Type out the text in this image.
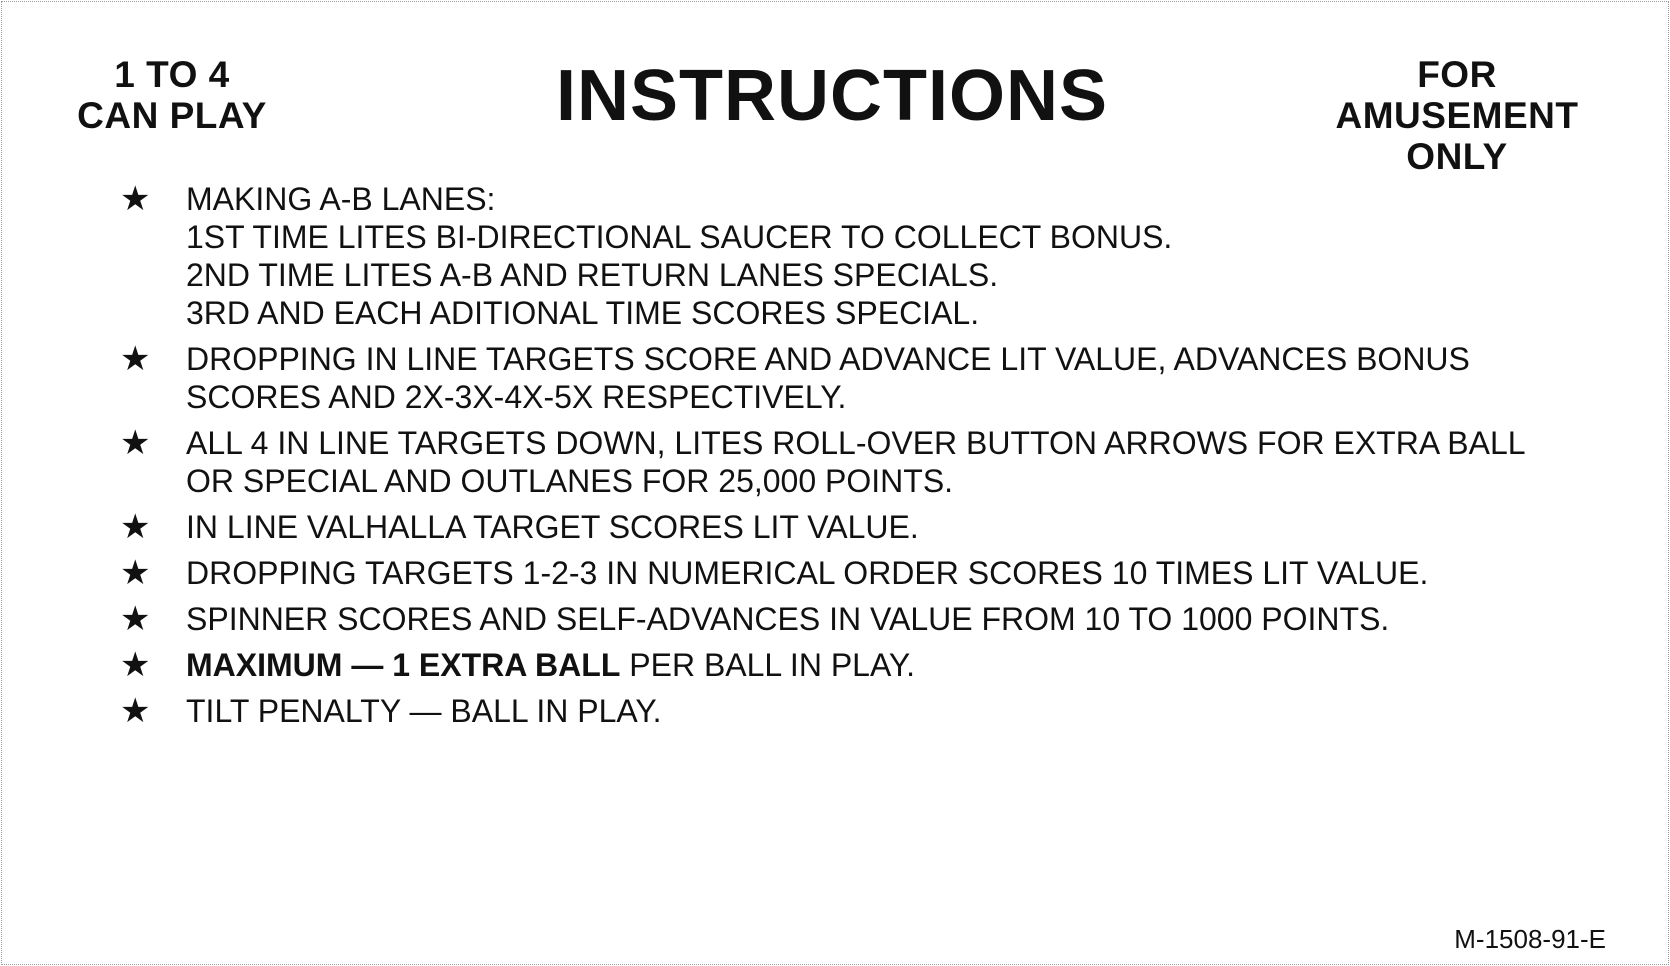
1 TO 4
CAN PLAY	INSTRUCTIONS	FOR
AMUSEMENT
ONLY
★ MAKING A-B LANES:
1ST TIME LITES BI-DIRECTIONAL SAUCER TO COLLECT BONUS.
2ND TIME LITES A-B AND RETURN LANES SPECIALS.
3RD AND EACH ADITIONAL TIME SCORES SPECIAL.
★ DROPPING IN LINE TARGETS SCORE AND ADVANCE LIT VALUE, ADVANCES BONUS
SCORES AND 2X-3X-4X-5X RESPECTIVELY.
★ ALL 4 IN LINE TARGETS DOWN, LITES ROLL-OVER BUTTON ARROWS FOR EXTRA BALL
OR SPECIAL AND OUTLANES FOR 25,000 POINTS.
★ IN LINE VALHALLA TARGET SCORES LIT VALUE.
★ DROPPING TARGETS 1-2-3 IN NUMERICAL ORDER SCORES 10 TIMES LIT VALUE.
★ SPINNER SCORES AND SELF-ADVANCES IN VALUE FROM 10 TO 1000 POINTS.
★ MAXIMUM — 1 EXTRA BALL PER BALL IN PLAY.
★ TILT PENALTY — BALL IN PLAY.
M-1508-91-E
